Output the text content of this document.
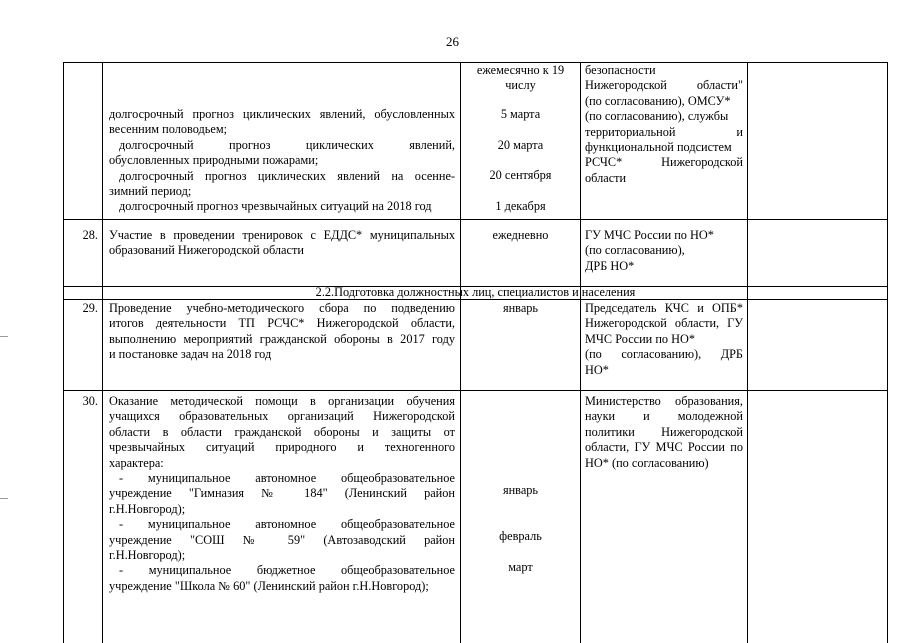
26
долгосрочный прогноз циклических явлений, обусловленных
весенним половодьем;
долгосрочный прогноз циклических явлений,
обусловленных природными пожарами;
долгосрочный прогноз циклических явлений на осенне-
зимний период;
долгосрочный прогноз чрезвычайных ситуаций на 2018 год
ежемесячно к 19
числу
5 марта
20 марта
20 сентября
1 декабря
безопасности
Нижегородской области"
(по согласованию), ОМСУ*
(по согласованию), службы
территориальной и
функциональной подсистем
РСЧС* Нижегородской
области
28. Участие в проведении тренировок с ЕДДС* муниципальных
образований Нижегородской области
ежедневно	ГУ МЧС России по НО*
(по согласованию),
ДРБ НО*
2.2.Подготовка должностных лиц, специалистов и населения
29. Проведение учебно-методического сбора по подведению
итогов деятельности ТП РСЧС* Нижегородской области,
выполнению мероприятий гражданской обороны в 2017 году
и постановке задач на 2018 год
январь	Председатель КЧС и ОПБ*
Нижегородской области, ГУ
МЧС России по НО*
(по согласованию), ДРБ
НО*
30. Оказание методической помощи в организации обучения
учащихся образовательных организаций Нижегородской
области в области гражданской обороны и защиты от
чрезвычайных ситуаций природного и техногенного
характера:
- муниципальное автономное общеобразовательное
учреждение "Гимназия № 184" (Ленинский район
г.Н.Новгород);
- муниципальное автономное общеобразовательное
учреждение "СОШ № 59" (Автозаводский район
г.Н.Новгород);
- муниципальное бюджетное общеобразовательное
учреждение "Школа № 60" (Ленинский район г.Н.Новгород);
январь
февраль
март
Министерство образования,
науки и молодежной
политики Нижегородской
области, ГУ МЧС России по
НО* (по согласованию)
